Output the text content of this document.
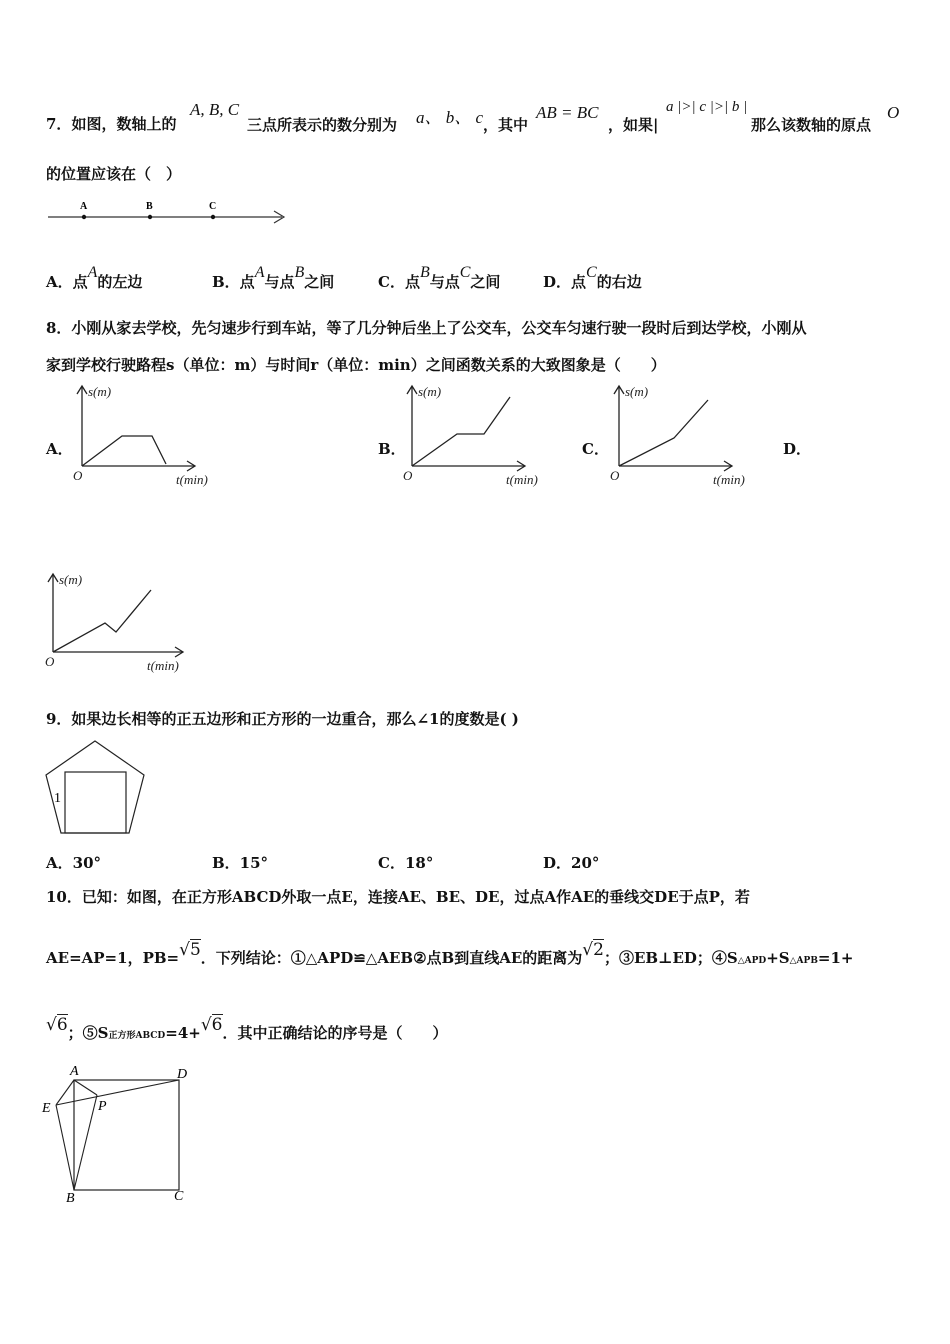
7．如图，数轴上的
A, B, C
三点所表示的数分别为 a、 b、 c ，其中
AB = BC
，如果|
a |>| c |>| b |
那么该数轴的原点
O
的位置应该在（　）
A	B	C
A．点A的左边	B．点A与点B之间	C．点B与点C之间	D．点C的右边
8．小刚从家去学校，先匀速步行到车站，等了几分钟后坐上了公交车，公交车匀速行驶一段时后到达学校，小刚从
家到学校行驶路程s（单位：m）与时间r（单位：min）之间函数关系的大致图象是（　　）
A．	B．	C．	D．
s(m)
t(min)
O
s(m)
t(min)
O
s(m)
t(min)
O
s(m)
t(min)
O
9．如果边长相等的正五边形和正方形的一边重合，那么∠1的度数是( )
1
A．30°	B．15°	C．18°	D．20°
10．已知：如图，在正方形ABCD外取一点E，连接AE、BE、DE，过点A作AE的垂线交DE于点P，若
AE=AP=1，PB=√5．下列结论：①△APD≌△AEB②点B到直线AE的距离为√2；③EB⊥ED；④S△APD+S△APB=1+
√6；⑤S正方形ABCD=4+√6．其中正确结论的序号是（　　）
A	D
E	P
B	C
